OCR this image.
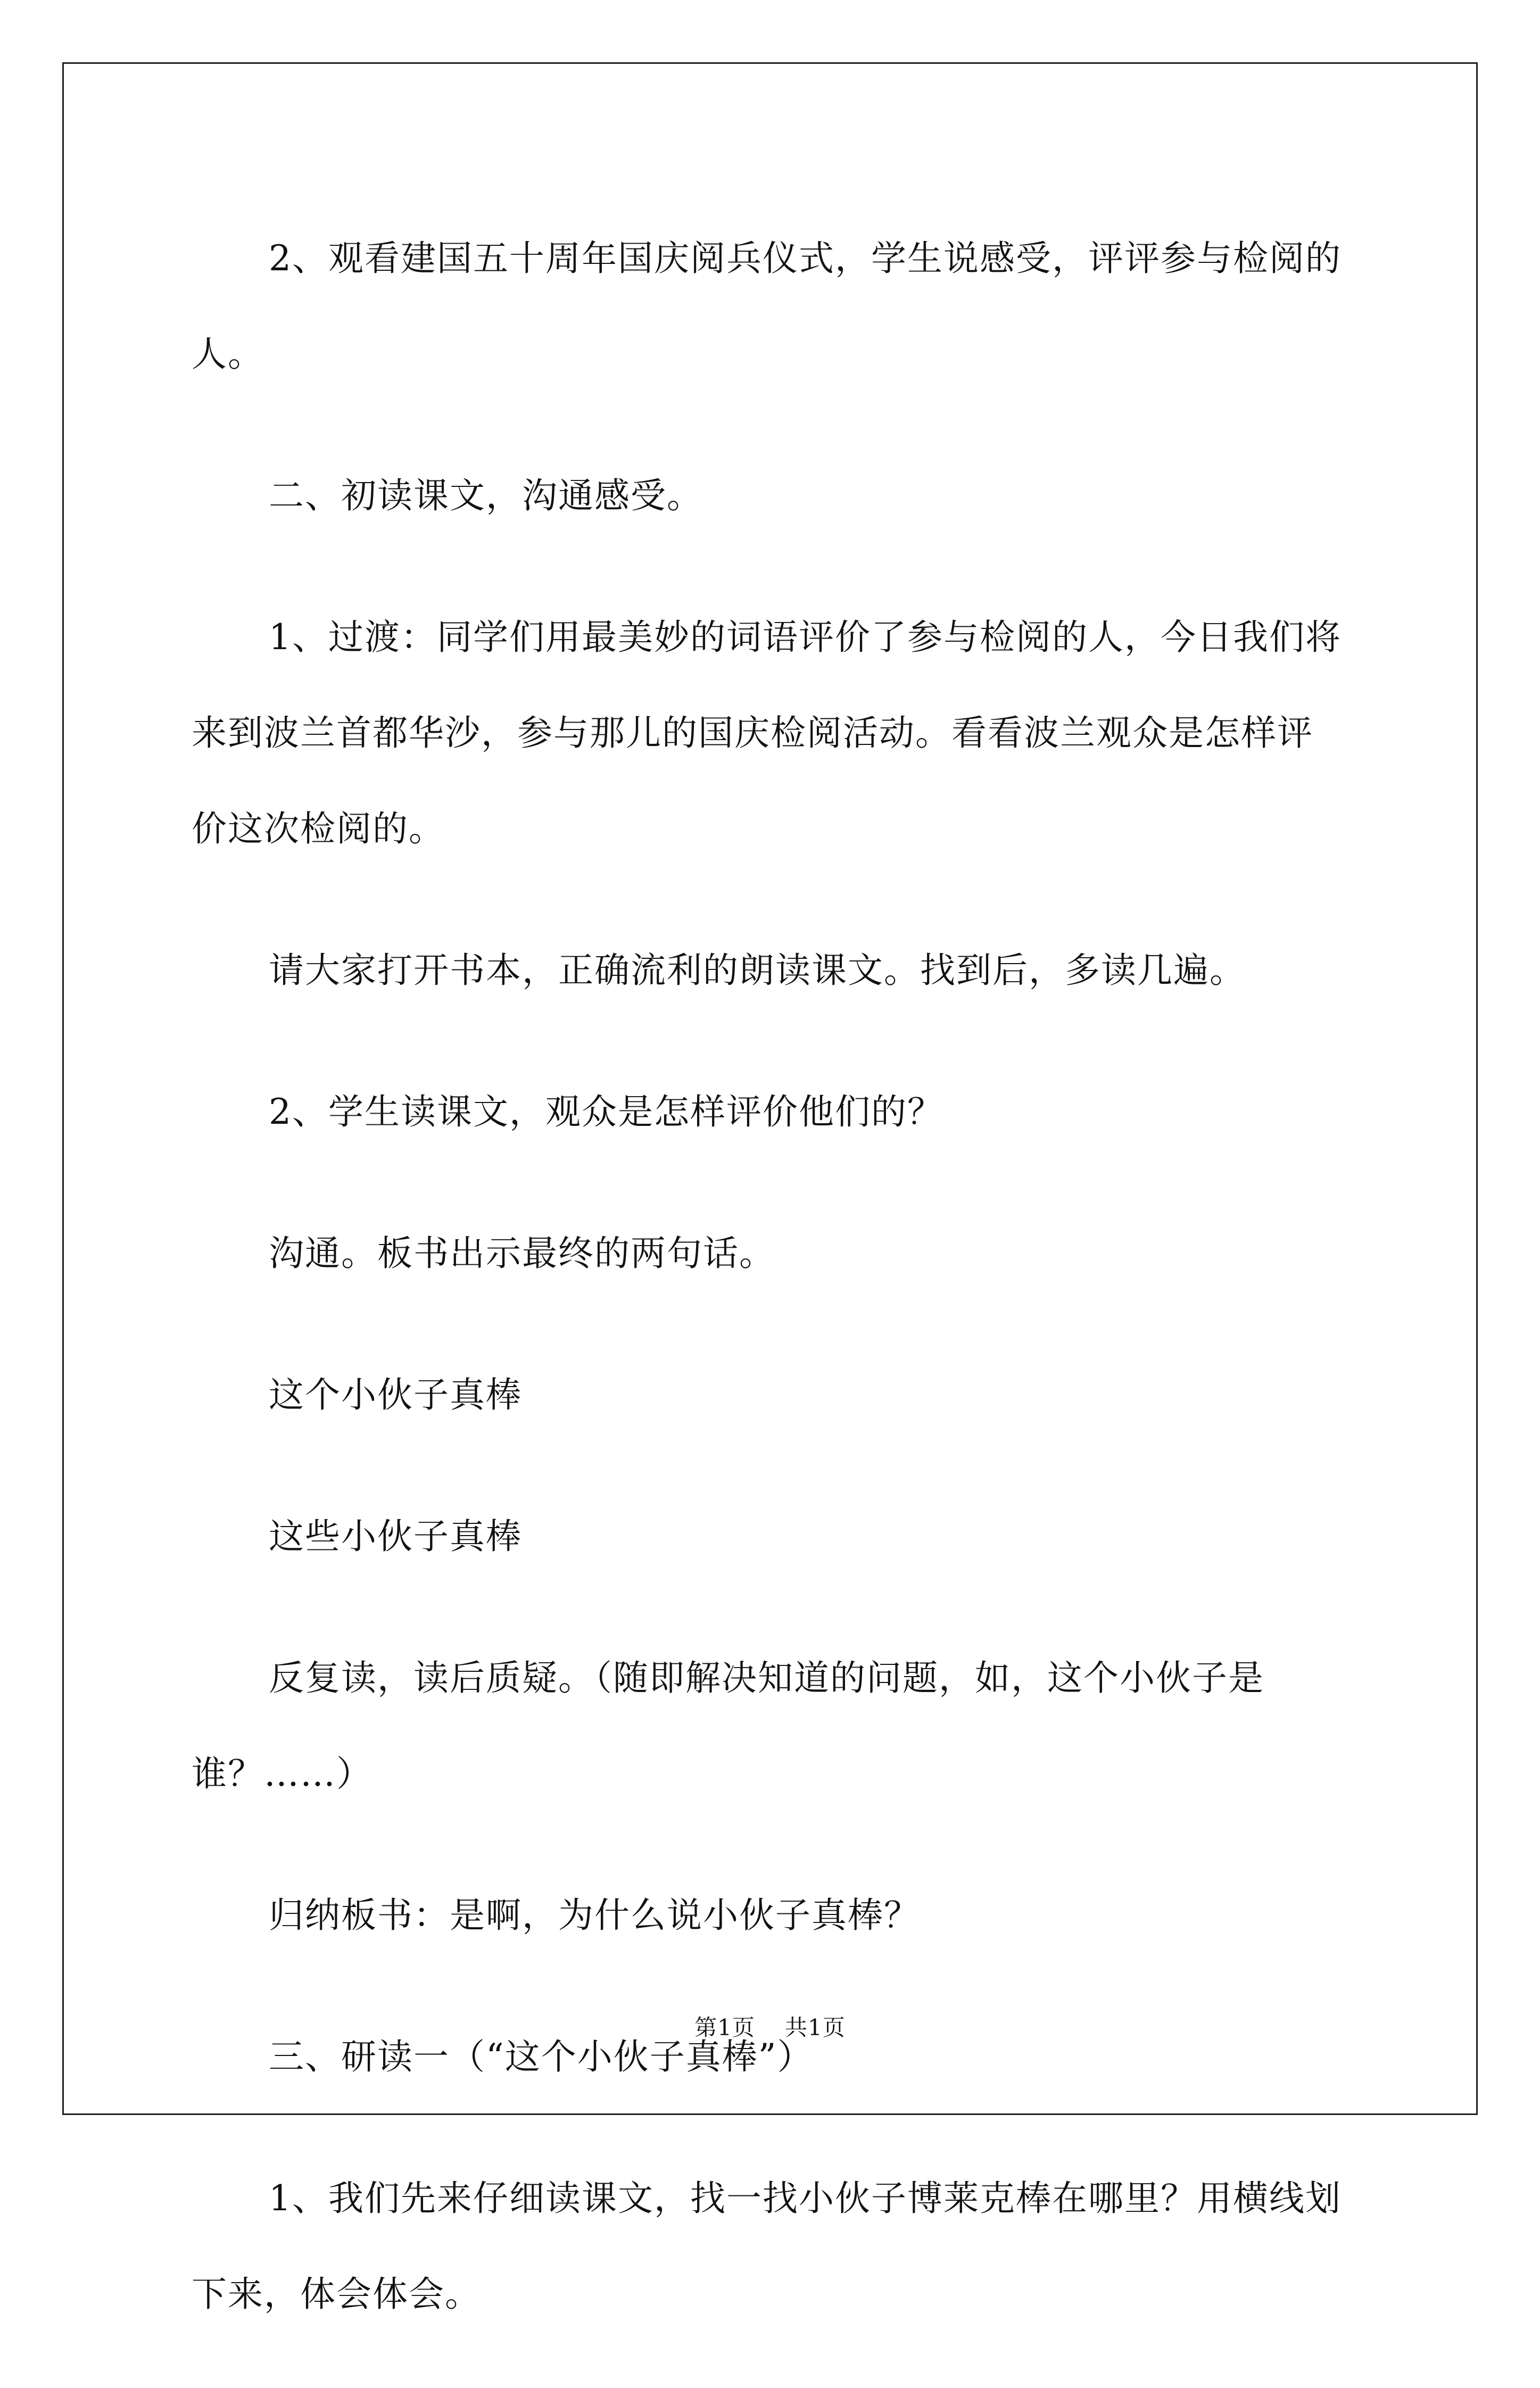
2、观看建国五十周年国庆阅兵仪式，学生说感受，评评参与检阅的人。

二、初读课文，沟通感受。

1、过渡：同学们用最美妙的词语评价了参与检阅的人，今日我们将来到波兰首都华沙，参与那儿的国庆检阅活动。看看波兰观众是怎样评价这次检阅的。

请大家打开书本，正确流利的朗读课文。找到后，多读几遍。

2、学生读课文，观众是怎样评价他们的？

沟通。板书出示最终的两句话。

这个小伙子真棒

这些小伙子真棒

反复读，读后质疑。（随即解决知道的问题，如，这个小伙子是谁？……）

归纳板书：是啊，为什么说小伙子真棒？

三、研读一（“这个小伙子真棒”）

1、我们先来仔细读课文，找一找小伙子博莱克棒在哪里？用横线划下来，体会体会。

第1页 共1页
